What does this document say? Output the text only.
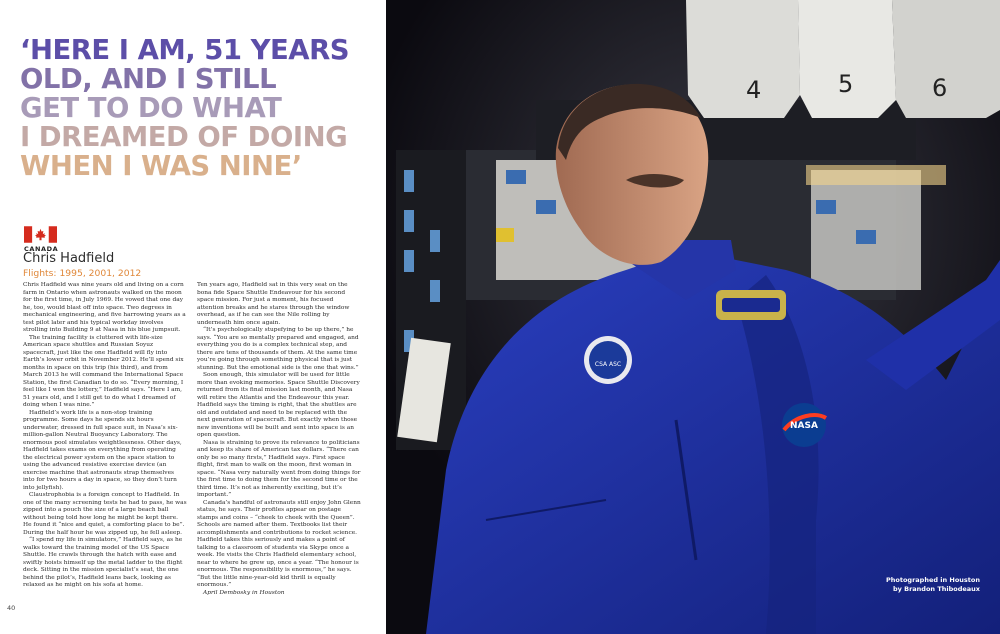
‘HERE I AM, 51 YEARS
OLD, AND I STILL
GET TO DO WHAT
I DREAMED OF DOING
WHEN I WAS NINE’
CANADA
Chris Hadfield
Flights: 1995, 2001, 2012

Chris Hadfield was nine years old and living on a corn farm in Ontario when astronauts walked on the moon for the first time, in July 1969. He vowed that one day he, too, would blast off into space. Two degrees in mechanical engineering, and five harrowing years as a test pilot later and his typical workday involves strolling into Building 9 at Nasa in his blue jumpsuit.

The training facility is cluttered with life-size American space shuttles and Russian Soyuz spacecraft, just like the one Hadfield will fly into Earth’s lower orbit in November 2012. He’ll spend six months in space on this trip (his third), and from March 2013 he will command the International Space Station, the first Canadian to do so. “Every morning, I feel like I won the lottery,” Hadfield says. “Here I am, 51 years old, and I still get to do what I dreamed of doing when I was nine.”

Hadfield’s work life is a non-stop training programme. Some days he spends six hours underwater, dressed in full space suit, in Nasa’s six-million-gallon Neutral Buoyancy Laboratory. The enormous pool simulates weightlessness. Other days, Hadfield takes exams on everything from operating the electrical power system on the space station to using the advanced resistive exercise device (an exercise machine that astronauts strap themselves into for two hours a day in space, so they don’t turn into jellyfish).

Claustrophobia is a foreign concept to Hadfield. In one of the many screening tests he had to pass, he was zipped into a pouch the size of a large beach ball without being told how long he might be kept there. He found it “nice and quiet, a comforting place to be”. During the half hour he was zipped up, he fell asleep.

“I spend my life in simulators,” Hadfield says, as he walks toward the training model of the US Space Shuttle. He crawls through the hatch with ease and swiftly hoists himself up the metal ladder to the flight deck. Sitting in the mission specialist’s seat, the one behind the pilot’s, Hadfield leans back, looking as relaxed as he might on his sofa at home.

Ten years ago, Hadfield sat in this very seat on the bona fide Space Shuttle Endeavour for his second space mission. For just a moment, his focused attention breaks and he stares through the window overhead, as if he can see the Nile rolling by underneath him once again.

“It’s psychologically stupefying to be up there,” he says. “You are so mentally prepared and engaged, and everything you do is a complex technical step, and there are tens of thousands of them. At the same time you’re going through something physical that is just stunning. But the emotional side is the one that wins.”

Soon enough, this simulator will be used for little more than evoking memories. Space Shuttle Discovery returned from its final mission last month, and Nasa will retire the Atlantis and the Endeavour this year. Hadfield says the timing is right, that the shuttles are old and outdated and need to be replaced with the next generation of spacecraft. But exactly when those new inventions will be built and sent into space is an open question.

Nasa is straining to prove its relevance to politicians and keep its share of American tax dollars. “There can only be so many firsts,” Hadfield says. First space flight, first man to walk on the moon, first woman in space. “Nasa very naturally went from doing things for the first time to doing them for the second time or the third time. It’s not as inherently exciting, but it’s important.”

Canada’s handful of astronauts still enjoy John Glenn status, he says. Their profiles appear on postage stamps and coins – “cheek to cheek with the Queen”. Schools are named after them. Textbooks list their accomplishments and contributions to rocket science. Hadfield takes this seriously and makes a point of talking to a classroom of students via Skype once a week. He visits the Chris Hadfield elementary school, near to where he grew up, once a year. “The honour is enormous. The responsibility is enormous,” he says. “But the little nine-year-old kid thrill is equally enormous.”

April Dembosky in Houston

40
4	5	6
CSA ASC
NASA
Photographed in Houston
by Brandon Thibodeaux
